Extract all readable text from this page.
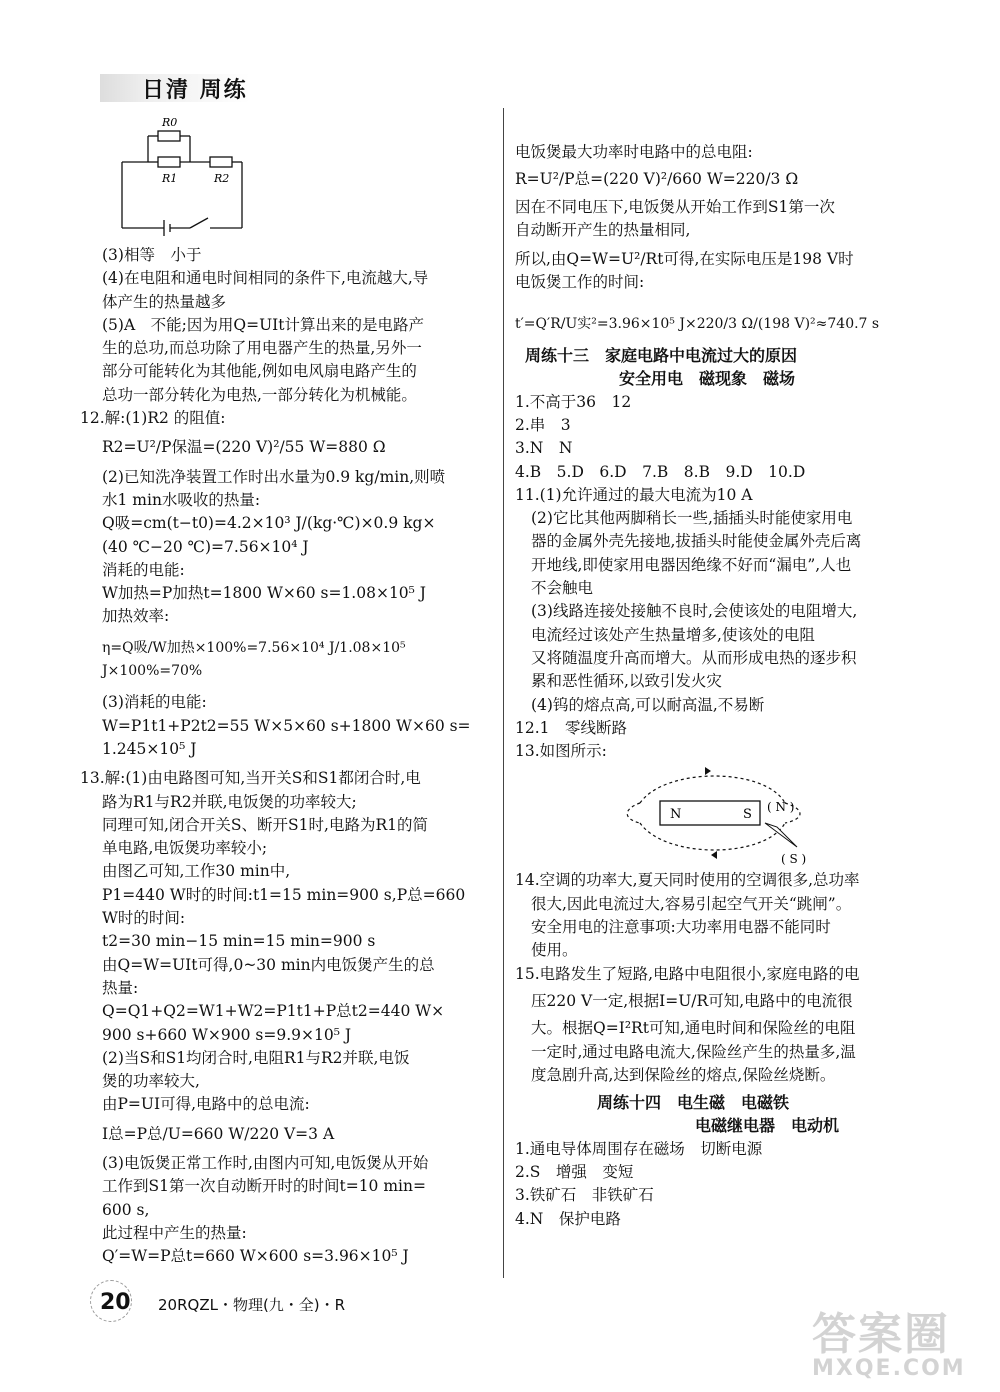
日清 周练
R0
R1	R2

(3)相等　小于

(4)在电阻和通电时间相同的条件下,电流越大,导

体产生的热量越多

(5)A　不能;因为用Q=UIt计算出来的是电路产

生的总功,而总功除了用电器产生的热量,另外一

部分可能转化为其他能,例如电风扇电路产生的

总功一部分转化为电热,一部分转化为机械能。

12.解:(1)R2 的阻值:

R2=U²/P保温=(220 V)²/55 W=880 Ω

(2)已知洗净装置工作时出水量为0.9 kg/min,则喷

水1 min水吸收的热量:

Q吸=cm(t−t0)=4.2×10³ J/(kg·℃)×0.9 kg×

(40 ℃−20 ℃)=7.56×10⁴ J

消耗的电能:

W加热=P加热t=1800 W×60 s=1.08×10⁵ J

加热效率:

η=Q吸/W加热×100%=7.56×10⁴ J/1.08×10⁵ J×100%=70%

(3)消耗的电能:

W=P1t1+P2t2=55 W×5×60 s+1800 W×60 s=

1.245×10⁵ J

13.解:(1)由电路图可知,当开关S和S1都闭合时,电

路为R1与R2并联,电饭煲的功率较大;

同理可知,闭合开关S、断开S1时,电路为R1的简

单电路,电饭煲功率较小;

由图乙可知,工作30 min中,

P1=440 W时的时间:t1=15 min=900 s,P总=660

W时的时间:

t2=30 min−15 min=15 min=900 s

由Q=W=UIt可得,0~30 min内电饭煲产生的总

热量:

Q=Q1+Q2=W1+W2=P1t1+P总t2=440 W×

900 s+660 W×900 s=9.9×10⁵ J

(2)当S和S1均闭合时,电阻R1与R2并联,电饭

煲的功率较大,

由P=UI可得,电路中的总电流:

I总=P总/U=660 W/220 V=3 A

(3)电饭煲正常工作时,由图内可知,电饭煲从开始

工作到S1第一次自动断开时的时间t=10 min=

600 s,

此过程中产生的热量:

Q′=W=P总t=660 W×600 s=3.96×10⁵ J

电饭煲最大功率时电路中的总电阻:

R=U²/P总=(220 V)²/660 W=220/3 Ω

因在不同电压下,电饭煲从开始工作到S1第一次

自动断开产生的热量相同,

所以,由Q=W=U²/Rt可得,在实际电压是198 V时

电饭煲工作的时间:

t′=Q′R/U实²=3.96×10⁵ J×220/3 Ω/(198 V)²≈740.7 s

周练十三　家庭电路中电流过大的原因

安全用电　磁现象　磁场

1.不高于36　12

2.串　3

3.N　N

4.B　5.D　6.D　7.B　8.B　9.D　10.D

11.(1)允许通过的最大电流为10 A

(2)它比其他两脚稍长一些,插插头时能使家用电

器的金属外壳先接地,拔插头时能使金属外壳后离

开地线,即使家用电器因绝缘不好而“漏电”,人也

不会触电

(3)线路连接处接触不良时,会使该处的电阻增大,

电流经过该处产生热量增多,使该处的电阻

又将随温度升高而增大。从而形成电热的逐步积

累和恶性循环,以致引发火灾

(4)钨的熔点高,可以耐高温,不易断

12.1　零线断路

13.如图所示:

N	S ( N )
( S )

14.空调的功率大,夏天同时使用的空调很多,总功率

很大,因此电流过大,容易引起空气开关“跳闸”。

安全用电的注意事项:大功率用电器不能同时

使用。

15.电路发生了短路,电路中电阻很小,家庭电路的电

压220 V一定,根据I=U/R可知,电路中的电流很

大。根据Q=I²Rt可知,通电时间和保险丝的电阻

一定时,通过电路电流大,保险丝产生的热量多,温

度急剧升高,达到保险丝的熔点,保险丝烧断。

周练十四　电生磁　电磁铁

电磁继电器　电动机

1.通电导体周围存在磁场　切断电源

2.S　增强　变短

3.铁矿石　非铁矿石

4.N　保护电路

20 20RQZL・物理(九・全)・R
答案圈
MXQE.COM
